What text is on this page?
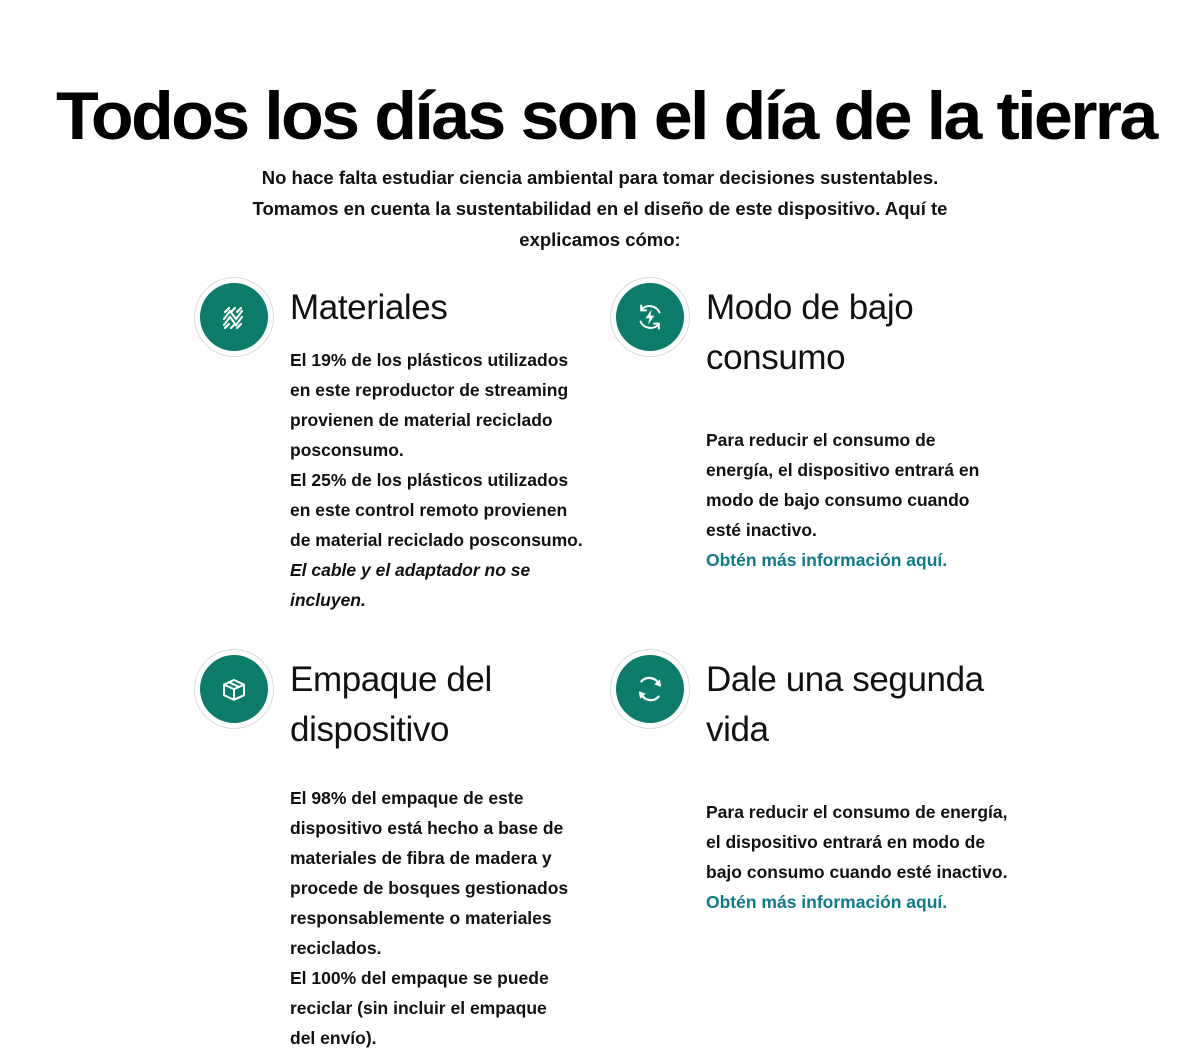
Todos los días son el día de la tierra

No hace falta estudiar ciencia ambiental para tomar decisiones sustentables. Tomamos en cuenta la sustentabilidad en el diseño de este dispositivo. Aquí te explicamos cómo:

Materiales

El 19% de los plásticos utilizados en este reproductor de streaming provienen de material reciclado posconsumo.

El 25% de los plásticos utilizados en este control remoto provienen de material reciclado posconsumo.

El cable y el adaptador no se incluyen.

Modo de bajo consumo

Para reducir el consumo de energía, el dispositivo entrará en modo de bajo consumo cuando esté inactivo.

Obtén más información aquí.
Empaque del dispositivo

El 98% del empaque de este dispositivo está hecho a base de materiales de fibra de madera y procede de bosques gestionados responsablemente o materiales reciclados.

El 100% del empaque se puede reciclar (sin incluir el empaque del envío).

Dale una segunda vida

Para reducir el consumo de energía, el dispositivo entrará en modo de bajo consumo cuando esté inactivo.

Obtén más información aquí.
